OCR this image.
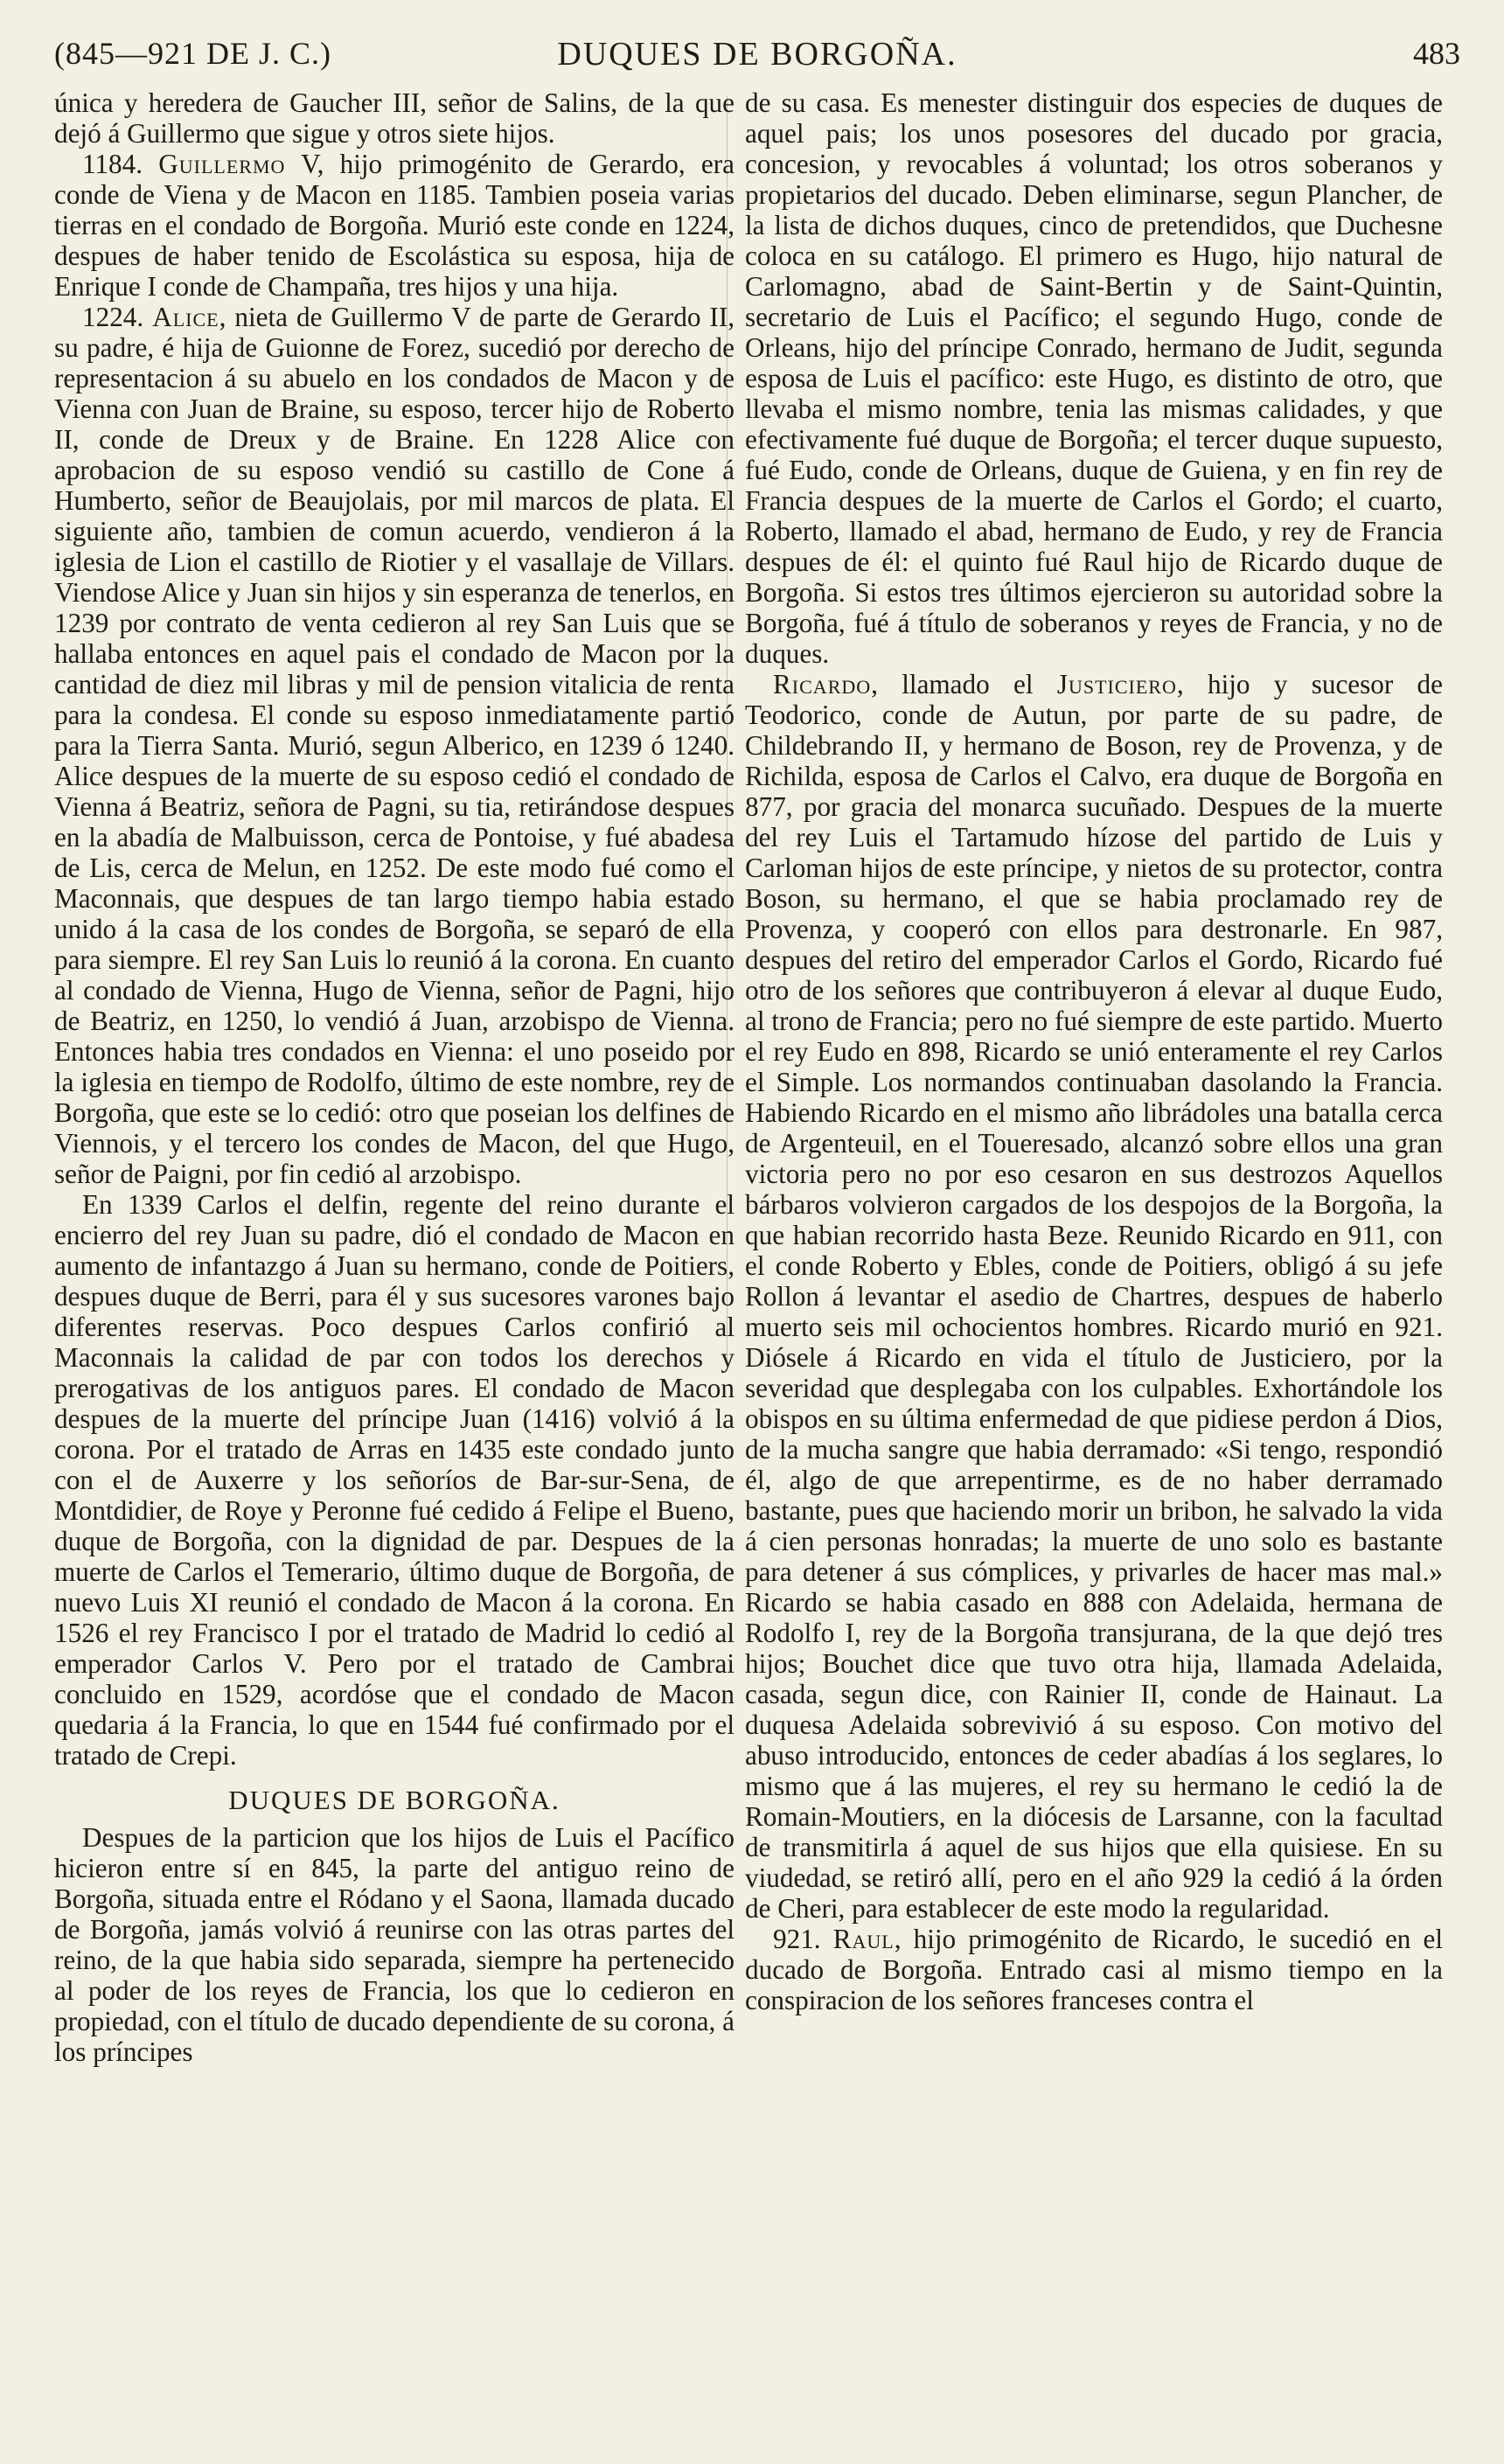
(845—921 DE J. C.)	DUQUES DE BORGOÑA.	483

única y heredera de Gaucher III, señor de Salins, de la que dejó á Guillermo que sigue y otros siete hijos.

1184. Guillermo V, hijo primogénito de Gerardo, era conde de Viena y de Macon en 1185. Tambien poseia varias tierras en el condado de Borgoña. Murió este conde en 1224, despues de haber tenido de Escolástica su esposa, hija de Enrique I conde de Champaña, tres hijos y una hija.

1224. Alice, nieta de Guillermo V de parte de Gerardo II, su padre, é hija de Guionne de Forez, sucedió por derecho de representacion á su abuelo en los condados de Macon y de Vienna con Juan de Braine, su esposo, tercer hijo de Roberto II, conde de Dreux y de Braine. En 1228 Alice con aprobacion de su esposo vendió su castillo de Cone á Humberto, señor de Beaujolais, por mil marcos de plata. El siguiente año, tambien de comun acuerdo, vendieron á la iglesia de Lion el castillo de Riotier y el vasallaje de Villars. Viendose Alice y Juan sin hijos y sin esperanza de tenerlos, en 1239 por contrato de venta cedieron al rey San Luis que se hallaba entonces en aquel pais el condado de Macon por la cantidad de diez mil libras y mil de pension vitalicia de renta para la condesa. El conde su esposo inmediatamente partió para la Tierra Santa. Murió, segun Alberico, en 1239 ó 1240. Alice despues de la muerte de su esposo cedió el condado de Vienna á Beatriz, señora de Pagni, su tia, retirándose despues en la abadía de Malbuisson, cerca de Pontoise, y fué abadesa de Lis, cerca de Melun, en 1252. De este modo fué como el Maconnais, que despues de tan largo tiempo habia estado unido á la casa de los condes de Borgoña, se separó de ella para siempre. El rey San Luis lo reunió á la corona. En cuanto al condado de Vienna, Hugo de Vienna, señor de Pagni, hijo de Beatriz, en 1250, lo vendió á Juan, arzobispo de Vienna. Entonces habia tres condados en Vienna: el uno poseido por la iglesia en tiempo de Rodolfo, último de este nombre, rey de Borgoña, que este se lo cedió: otro que poseian los delfines de Viennois, y el tercero los condes de Macon, del que Hugo, señor de Paigni, por fin cedió al arzobispo.

En 1339 Carlos el delfin, regente del reino durante el encierro del rey Juan su padre, dió el condado de Macon en aumento de infantazgo á Juan su hermano, conde de Poitiers, despues duque de Berri, para él y sus sucesores varones bajo diferentes reservas. Poco despues Carlos confirió al Maconnais la calidad de par con todos los derechos y prerogativas de los antiguos pares. El condado de Macon despues de la muerte del príncipe Juan (1416) volvió á la corona. Por el tratado de Arras en 1435 este condado junto con el de Auxerre y los señoríos de Bar-sur-Sena, de Montdidier, de Roye y Peronne fué cedido á Felipe el Bueno, duque de Borgoña, con la dignidad de par. Despues de la muerte de Carlos el Temerario, último duque de Borgoña, de nuevo Luis XI reunió el condado de Macon á la corona. En 1526 el rey Francisco I por el tratado de Madrid lo cedió al emperador Carlos V. Pero por el tratado de Cambrai concluido en 1529, acordóse que el condado de Macon quedaria á la Francia, lo que en 1544 fué confirmado por el tratado de Crepi.

DUQUES DE BORGOÑA.

Despues de la particion que los hijos de Luis el Pacífico hicieron entre sí en 845, la parte del antiguo reino de Borgoña, situada entre el Ródano y el Saona, llamada ducado de Borgoña, jamás volvió á reunirse con las otras partes del reino, de la que habia sido separada, siempre ha pertenecido al poder de los reyes de Francia, los que lo cedieron en propiedad, con el título de ducado dependiente de su corona, á los príncipes

de su casa. Es menester distinguir dos especies de duques de aquel pais; los unos posesores del ducado por gracia, concesion, y revocables á voluntad; los otros soberanos y propietarios del ducado. Deben eliminarse, segun Plancher, de la lista de dichos duques, cinco de pretendidos, que Duchesne coloca en su catálogo. El primero es Hugo, hijo natural de Carlomagno, abad de Saint-Bertin y de Saint-Quintin, secretario de Luis el Pacífico; el segundo Hugo, conde de Orleans, hijo del príncipe Conrado, hermano de Judit, segunda esposa de Luis el pacífico: este Hugo, es distinto de otro, que llevaba el mismo nombre, tenia las mismas calidades, y que efectivamente fué duque de Borgoña; el tercer duque supuesto, fué Eudo, conde de Orleans, duque de Guiena, y en fin rey de Francia despues de la muerte de Carlos el Gordo; el cuarto, Roberto, llamado el abad, hermano de Eudo, y rey de Francia despues de él: el quinto fué Raul hijo de Ricardo duque de Borgoña. Si estos tres últimos ejercieron su autoridad sobre la Borgoña, fué á título de soberanos y reyes de Francia, y no de duques.

Ricardo, llamado el Justiciero, hijo y sucesor de Teodorico, conde de Autun, por parte de su padre, de Childebrando II, y hermano de Boson, rey de Provenza, y de Richilda, esposa de Carlos el Calvo, era duque de Borgoña en 877, por gracia del monarca sucuñado. Despues de la muerte del rey Luis el Tartamudo hízose del partido de Luis y Carloman hijos de este príncipe, y nietos de su protector, contra Boson, su hermano, el que se habia proclamado rey de Provenza, y cooperó con ellos para destronarle. En 987, despues del retiro del emperador Carlos el Gordo, Ricardo fué otro de los señores que contribuyeron á elevar al duque Eudo, al trono de Francia; pero no fué siempre de este partido. Muerto el rey Eudo en 898, Ricardo se unió enteramente el rey Carlos el Simple. Los normandos continuaban dasolando la Francia. Habiendo Ricardo en el mismo año librádoles una batalla cerca de Argenteuil, en el Toueresado, alcanzó sobre ellos una gran victoria pero no por eso cesaron en sus destrozos Aquellos bárbaros volvieron cargados de los despojos de la Borgoña, la que habian recorrido hasta Beze. Reunido Ricardo en 911, con el conde Roberto y Ebles, conde de Poitiers, obligó á su jefe Rollon á levantar el asedio de Chartres, despues de haberlo muerto seis mil ochocientos hombres. Ricardo murió en 921. Diósele á Ricardo en vida el título de Justiciero, por la severidad que desplegaba con los culpables. Exhortándole los obispos en su última enfermedad de que pidiese perdon á Dios, de la mucha sangre que habia derramado: «Si tengo, respondió él, algo de que arrepentirme, es de no haber derramado bastante, pues que haciendo morir un bribon, he salvado la vida á cien personas honradas; la muerte de uno solo es bastante para detener á sus cómplices, y privarles de hacer mas mal.» Ricardo se habia casado en 888 con Adelaida, hermana de Rodolfo I, rey de la Borgoña transjurana, de la que dejó tres hijos; Bouchet dice que tuvo otra hija, llamada Adelaida, casada, segun dice, con Rainier II, conde de Hainaut. La duquesa Adelaida sobrevivió á su esposo. Con motivo del abuso introducido, entonces de ceder abadías á los seglares, lo mismo que á las mujeres, el rey su hermano le cedió la de Romain-Moutiers, en la diócesis de Larsanne, con la facultad de transmitirla á aquel de sus hijos que ella quisiese. En su viudedad, se retiró allí, pero en el año 929 la cedió á la órden de Cheri, para establecer de este modo la regularidad.

921. Raul, hijo primogénito de Ricardo, le sucedió en el ducado de Borgoña. Entrado casi al mismo tiempo en la conspiracion de los señores franceses contra el
